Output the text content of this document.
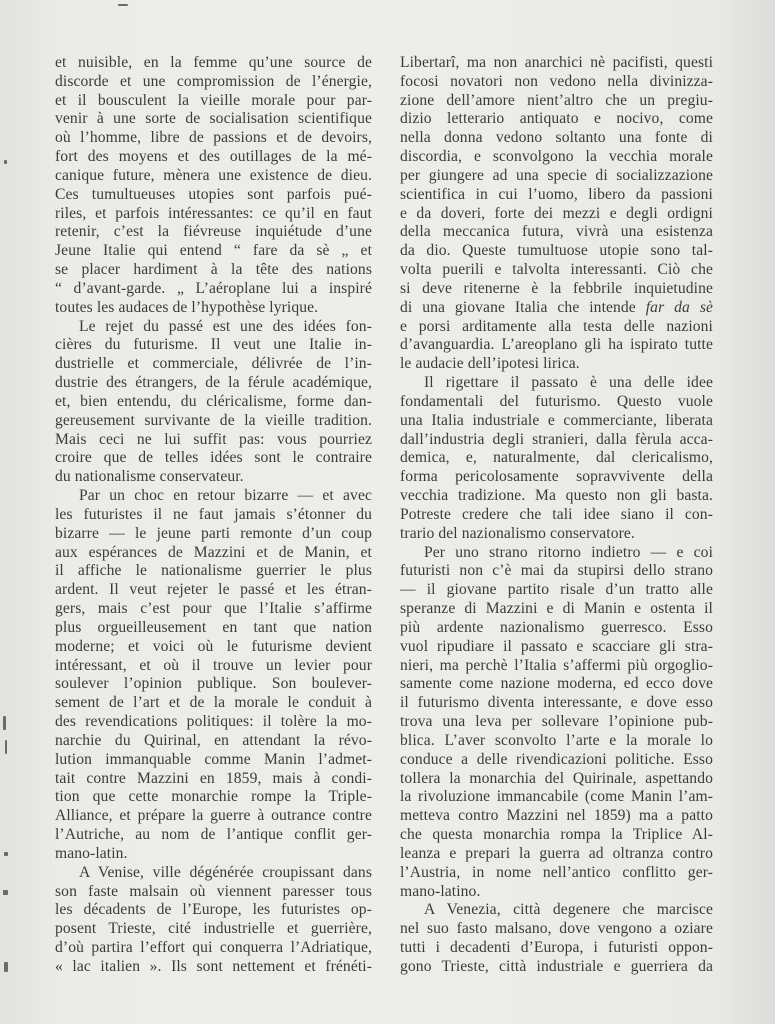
et nuisible, en la femme qu’une source de
discorde et une compromission de l’énergie,
et il bousculent la vieille morale pour par-
venir à une sorte de socialisation scientifique
où l’homme, libre de passions et de devoirs,
fort des moyens et des outillages de la mé-
canique future, mènera une existence de dieu.
Ces tumultueuses utopies sont parfois pué-
riles, et parfois intéressantes: ce qu’il en faut
retenir, c’est la fiévreuse inquiétude d’une
Jeune Italie qui entend “ fare da sè „ et
se placer hardiment à la tête des nations
“ d’avant-garde. „ L’aéroplane lui a inspiré
toutes les audaces de l’hypothèse lyrique.
Le rejet du passé est une des idées fon-
cières du futurisme. Il veut une Italie in-
dustrielle et commerciale, délivrée de l’in-
dustrie des étrangers, de la férule académique,
et, bien entendu, du cléricalisme, forme dan-
gereusement survivante de la vieille tradition.
Mais ceci ne lui suffit pas: vous pourriez
croire que de telles idées sont le contraire
du nationalisme conservateur.
Par un choc en retour bizarre — et avec
les futuristes il ne faut jamais s’étonner du
bizarre — le jeune parti remonte d’un coup
aux espérances de Mazzini et de Manin, et
il affiche le nationalisme guerrier le plus
ardent. Il veut rejeter le passé et les étran-
gers, mais c’est pour que l’Italie s’affirme
plus orgueilleusement en tant que nation
moderne; et voici où le futurisme devient
intéressant, et où il trouve un levier pour
soulever l’opinion publique. Son boulever-
sement de l’art et de la morale le conduit à
des revendications politiques: il tolère la mo-
narchie du Quirinal, en attendant la révo-
lution immanquable comme Manin l’admet-
tait contre Mazzini en 1859, mais à condi-
tion que cette monarchie rompe la Triple-
Alliance, et prépare la guerre à outrance contre
l’Autriche, au nom de l’antique conflit ger-
mano-latin.
A Venise, ville dégénérée croupissant dans
son faste malsain où viennent paresser tous
les décadents de l’Europe, les futuristes op-
posent Trieste, cité industrielle et guerrière,
d’où partira l’effort qui conquerra l’Adriatique,
« lac italien ». Ils sont nettement et frénéti-
Libertarî, ma non anarchici nè pacifisti, questi
focosi novatori non vedono nella divinizza-
zione dell’amore nient’altro che un pregiu-
dizio letterario antiquato e nocivo, come
nella donna vedono soltanto una fonte di
discordia, e sconvolgono la vecchia morale
per giungere ad una specie di socializzazione
scientifica in cui l’uomo, libero da passioni
e da doveri, forte dei mezzi e degli ordigni
della meccanica futura, vivrà una esistenza
da dio. Queste tumultuose utopie sono tal-
volta puerili e talvolta interessanti. Ciò che
si deve ritenerne è la febbrile inquietudine
di una giovane Italia che intende far da sè
e porsi arditamente alla testa delle nazioni
d’avanguardia. L’areoplano gli ha ispirato tutte
le audacie dell’ipotesi lirica.
Il rigettare il passato è una delle idee
fondamentali del futurismo. Questo vuole
una Italia industriale e commerciante, liberata
dall’industria degli stranieri, dalla fèrula acca-
demica, e, naturalmente, dal clericalismo,
forma pericolosamente sopravvivente della
vecchia tradizione. Ma questo non gli basta.
Potreste credere che tali idee siano il con-
trario del nazionalismo conservatore.
Per uno strano ritorno indietro — e coi
futuristi non c’è mai da stupirsi dello strano
— il giovane partito risale d’un tratto alle
speranze di Mazzini e di Manin e ostenta il
più ardente nazionalismo guerresco. Esso
vuol ripudiare il passato e scacciare gli stra-
nieri, ma perchè l’Italia s’affermi più orgoglio-
samente come nazione moderna, ed ecco dove
il futurismo diventa interessante, e dove esso
trova una leva per sollevare l’opinione pub-
blica. L’aver sconvolto l’arte e la morale lo
conduce a delle rivendicazioni politiche. Esso
tollera la monarchia del Quirinale, aspettando
la rivoluzione immancabile (come Manin l’am-
metteva contro Mazzini nel 1859) ma a patto
che questa monarchia rompa la Triplice Al-
leanza e prepari la guerra ad oltranza contro
l’Austria, in nome nell’antico conflitto ger-
mano-latino.
A Venezia, città degenere che marcisce
nel suo fasto malsano, dove vengono a oziare
tutti i decadenti d’Europa, i futuristi oppon-
gono Trieste, città industriale e guerriera da
